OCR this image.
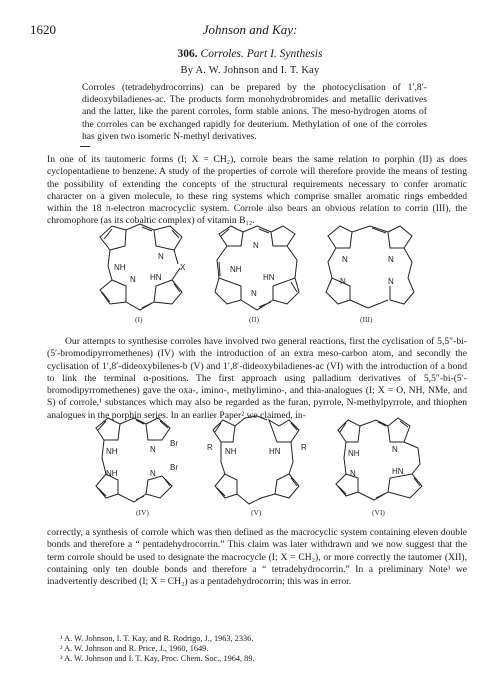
1620	Johnson and Kay:
306. Corroles. Part I. Synthesis
By A. W. Johnson and I. T. Kay
Corroles (tetradehydrocorrins) can be prepared by the photocyclisation of 1′,8′-dideoxybiladienes-ac. The products form monohydrobromides and metallic derivatives and the latter, like the parent corroles, form stable anions. The meso-hydrogen atoms of the corroles can be exchanged rapidly for deuterium. Methylation of one of the corroles has given two isomeric N-methyl derivatives.
In one of its tautomeric forms (I; X = CH₂), corrole bears the same relation to porphin (II) as does cyclopentadiene to benzene. A study of the properties of corrole will therefore provide the means of testing the possibility of extending the concepts of the structural requirements necessary to confer aromatic character on a given molecule, to these ring systems which comprise smaller aromatic rings embedded within the 18 π-electron macrocyclic system. Corrole also bears an obvious relation to corrin (III), the chromophore (as its cobaltic complex) of vitamin B₁₂.
NH
N
HN
N
X
(I)
N
NH
N
HN
(II)
N	N
N	N
(III)
Our attempts to synthesise corroles have involved two general reactions, first the cyclisation of 5,5″-bi-(5′-bromodipyrromethenes) (IV) with the introduction of an extra meso-carbon atom, and secondly the cyclisation of 1′,8′-dideoxybilenes-b (V) and 1′,8′-dideoxybiladienes-ac (VI) with the introduction of a bond to link the terminal α-positions. The first approach using palladium derivatives of 5,5″-bi-(5′-bromodipyrromethenes) gave the oxa-, imino-, methylimino-, and thia-analogues (I; X = O, NH, NMe, and S) of corrole,¹ substances which may also be regarded as the furan, pyrrole, N-methylpyrrole, and thiophen analogues in the porphin series. In an earlier Paper² we claimed, in-
NH	N
Br
NH	N
Br
(IV)
R NH	HN	R
(V)
NH	N
HN
N
(VI)
correctly, a synthesis of corrole which was then defined as the macrocyclic system containing eleven double bonds and therefore a “ pentadehydrocorrin.” This claim was later withdrawn and we now suggest that the term corrole should be used to designate the macrocycle (I; X = CH₂), or more correctly the tautomer (XII), containing only ten double bonds and therefore a “ tetradehydrocorrin.” In a preliminary Note³ we inadvertently described (I; X = CH₂) as a pentadehydrocorrin; this was in error.
¹ A. W. Johnson, I. T. Kay, and R. Rodrigo, J., 1963, 2336.
² A. W. Johnson and R. Price, J., 1960, 1649.
³ A. W. Johnson and I. T. Kay, Proc. Chem. Soc., 1964, 89.
